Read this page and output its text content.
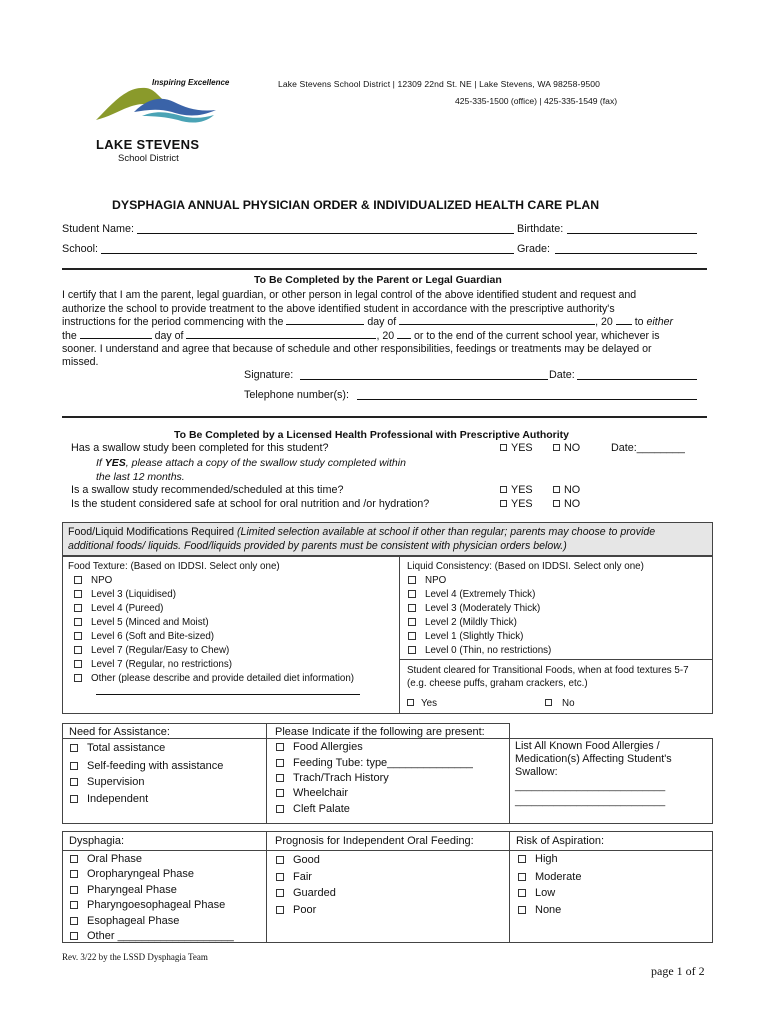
Inspiring Excellence
LAKE STEVENS
School District
Lake Stevens School District | 12309 22nd St. NE | Lake Stevens, WA 98258-9500
425-335-1500 (office) | 425-335-1549 (fax)
DYSPHAGIA ANNUAL PHYSICIAN ORDER & INDIVIDUALIZED HEALTH CARE PLAN
Student Name:	Birthdate:
School:	Grade:
To Be Completed by the Parent or Legal Guardian
I certify that I am the parent, legal guardian, or other person in legal control of the above identified student and request and
authorize the school to provide treatment to the above identified student in accordance with the prescriptive authority's
instructions for the period commencing with the	day of	, 20 to either
the	day of	, 20 or to the end of the current school year, whichever is
sooner. I understand and agree that because of schedule and other responsibilities, feedings or treatments may be delayed or
missed.
Signature:	Date:
Telephone number(s):
To Be Completed by a Licensed Health Professional with Prescriptive Authority
Has a swallow study been completed for this student?
If YES, please attach a copy of the swallow study completed within
the last 12 months.
YES	NO	Date:________
Is a swallow study recommended/scheduled at this time?	YES	NO
Is the student considered safe at school for oral nutrition and /or hydration?	YES	NO
Food/Liquid Modifications Required (Limited selection available at school if other than regular; parents may choose to provide
additional foods/ liquids. Food/liquids provided by parents must be consistent with physician orders below.)
Food Texture: (Based on IDDSI. Select only one)
NPO
Level 3 (Liquidised)
Level 4 (Pureed)
Level 5 (Minced and Moist)
Level 6 (Soft and Bite-sized)
Level 7 (Regular/Easy to Chew)
Level 7 (Regular, no restrictions)
Other (please describe and provide detailed diet information)
Liquid Consistency: (Based on IDDSI. Select only one)
NPO
Level 4 (Extremely Thick)
Level 3 (Moderately Thick)
Level 2 (Mildly Thick)
Level 1 (Slightly Thick)
Level 0 (Thin, no restrictions)
Student cleared for Transitional Foods, when at food textures 5-7
(e.g. cheese puffs, graham crackers, etc.)
Yes	No
Need for Assistance:
Total assistance
Self-feeding with assistance
Supervision
Independent
Please Indicate if the following are present:
Food Allergies
Feeding Tube: type______________
Trach/Trach History
Wheelchair
Cleft Palate
List All Known Food Allergies /
Medication(s) Affecting Student's
Swallow:
___________________________
___________________________
Dysphagia:
Oral Phase
Oropharyngeal Phase
Pharyngeal Phase
Pharyngoesophageal Phase
Esophageal Phase
Other ___________________
Prognosis for Independent Oral Feeding:
Good
Fair
Guarded
Poor
Risk of Aspiration:
High
Moderate
Low
None
Rev. 3/22 by the LSSD Dysphagia Team
page 1 of 2
